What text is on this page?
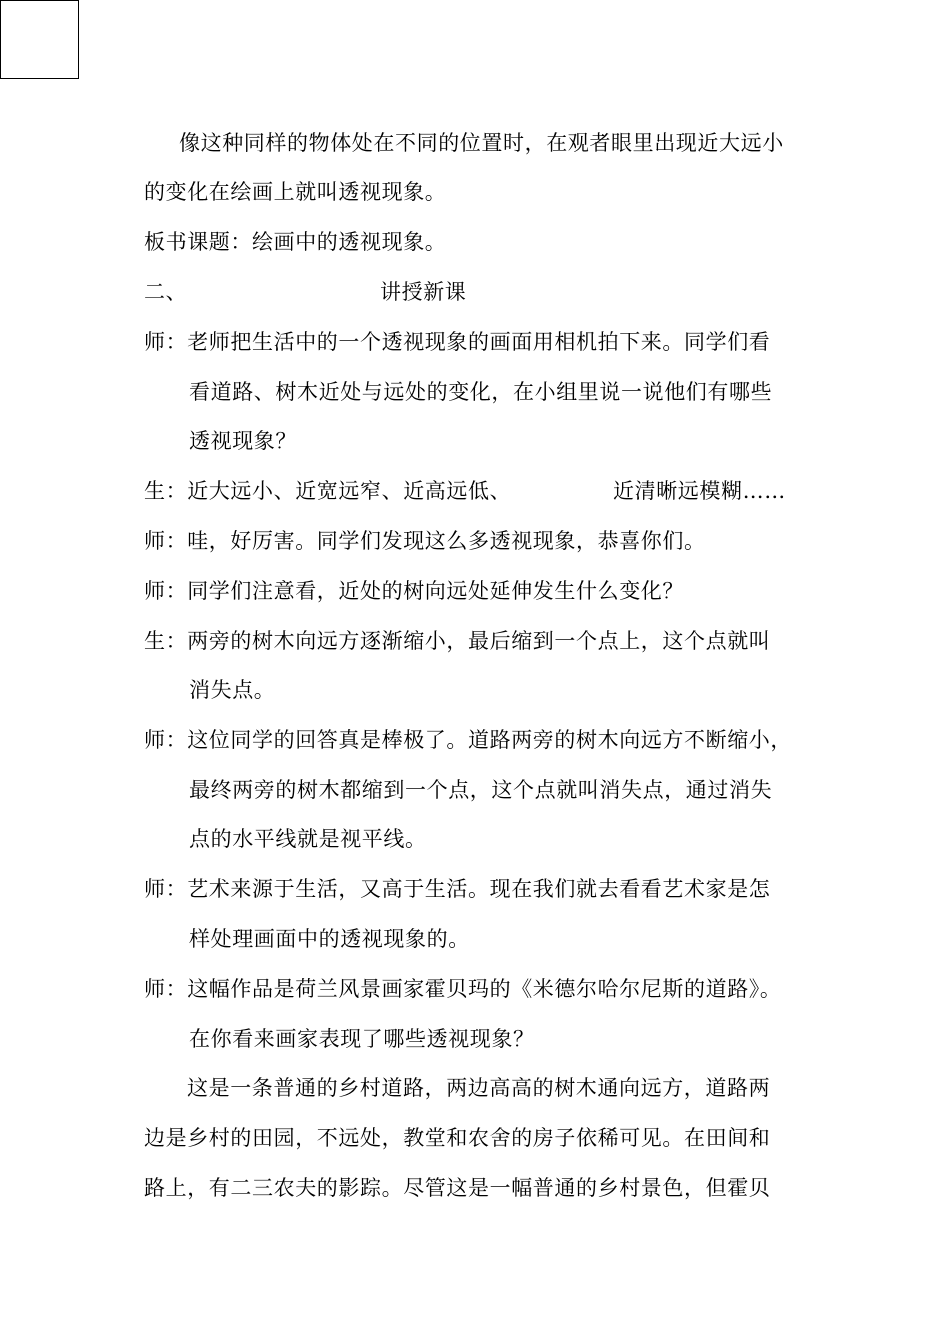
像这种同样的物体处在不同的位置时，在观者眼里出现近大远小
的变化在绘画上就叫透视现象。
板书课题：绘画中的透视现象。
二、	讲授新课
师：老师把生活中的一个透视现象的画面用相机拍下来。同学们看
看道路、树木近处与远处的变化，在小组里说一说他们有哪些
透视现象？
生：近大远小、近宽远窄、近高远低、	近清晰远模糊……
师：哇，好厉害。同学们发现这么多透视现象，恭喜你们。
师：同学们注意看，近处的树向远处延伸发生什么变化？
生：两旁的树木向远方逐渐缩小，最后缩到一个点上，这个点就叫
消失点。
师：这位同学的回答真是棒极了。道路两旁的树木向远方不断缩小，
最终两旁的树木都缩到一个点，这个点就叫消失点，通过消失
点的水平线就是视平线。
师：艺术来源于生活，又高于生活。现在我们就去看看艺术家是怎
样处理画面中的透视现象的。
师：这幅作品是荷兰风景画家霍贝玛的《米德尔哈尔尼斯的道路》。
在你看来画家表现了哪些透视现象？
这是一条普通的乡村道路，两边高高的树木通向远方，道路两
边是乡村的田园，不远处，教堂和农舍的房子依稀可见。在田间和
路上，有二三农夫的影踪。尽管这是一幅普通的乡村景色，但霍贝
